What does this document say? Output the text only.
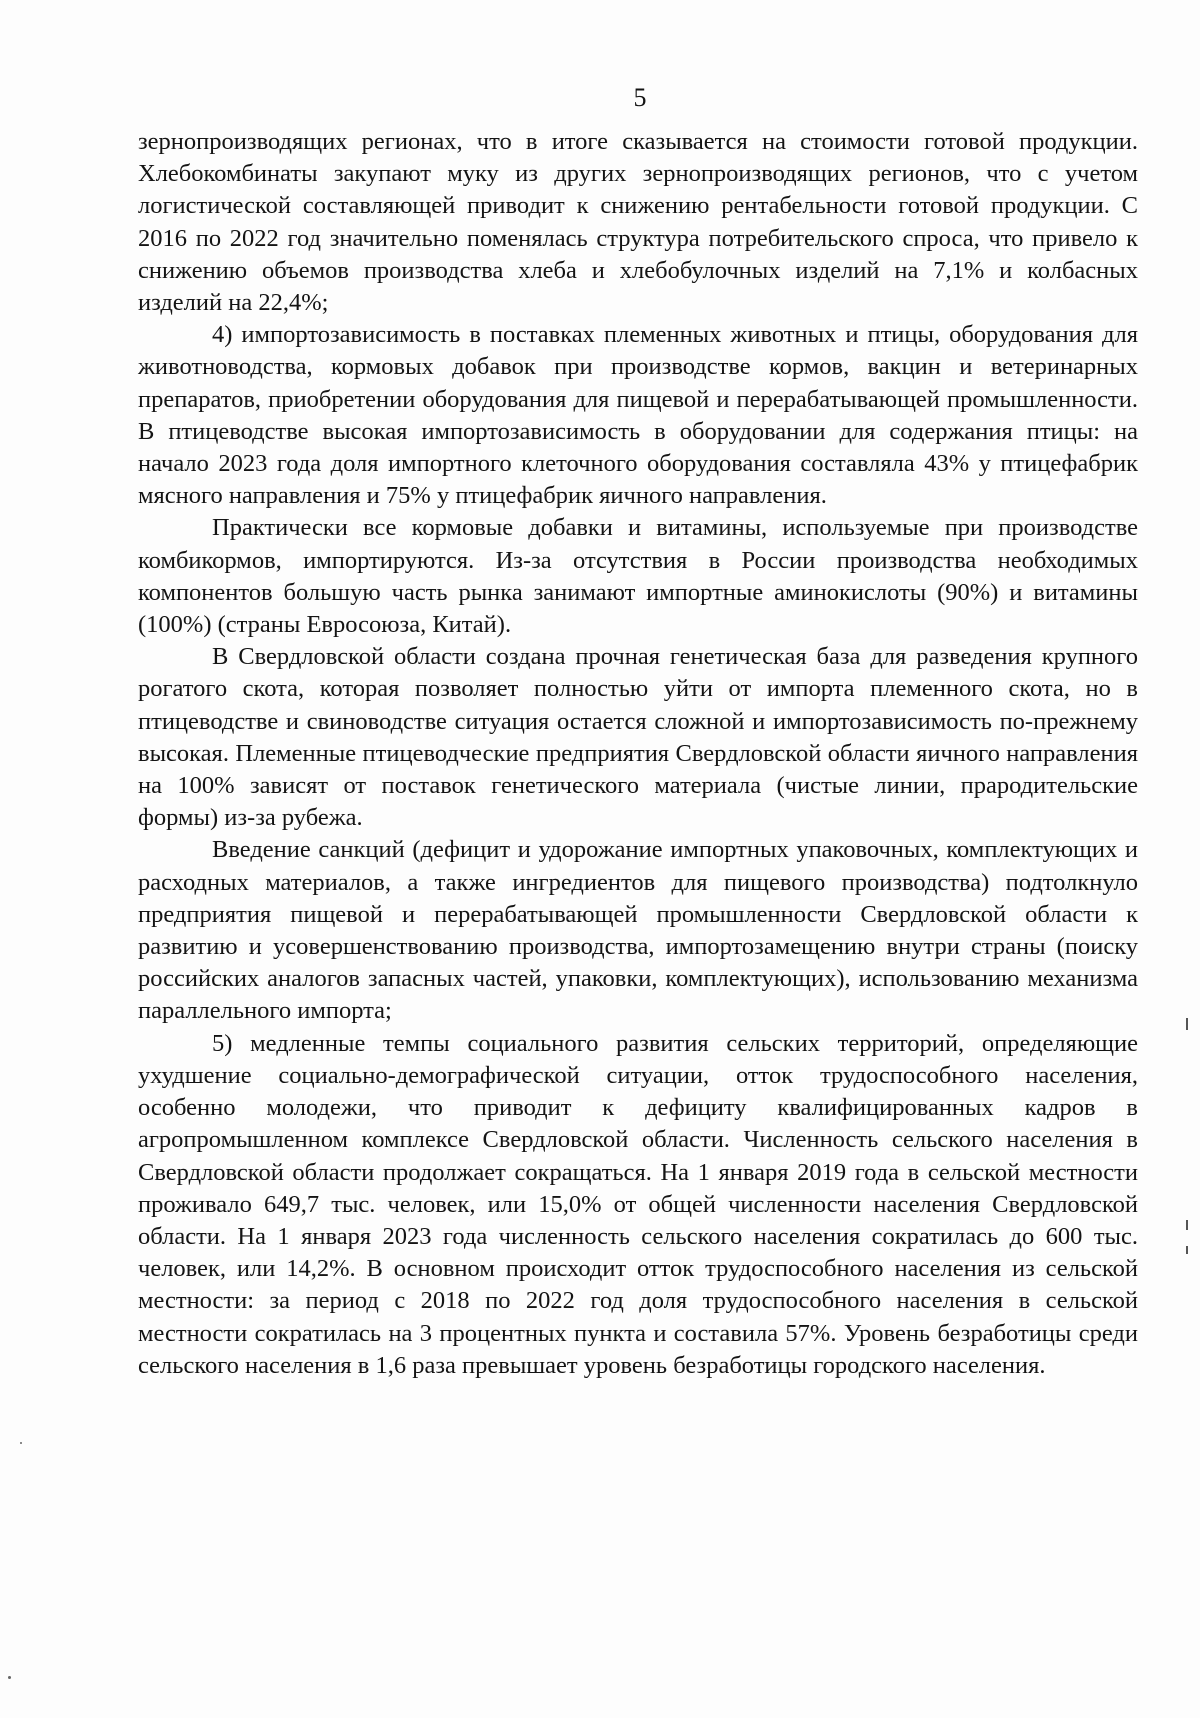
5

зернопроизводящих регионах, что в итоге сказывается на стоимости готовой продукции. Хлебокомбинаты закупают муку из других зернопроизводящих регионов, что с учетом логистической составляющей приводит к снижению рентабельности готовой продукции. С 2016 по 2022 год значительно поменялась структура потребительского спроса, что привело к снижению объемов производства хлеба и хлебобулочных изделий на 7,1% и колбасных изделий на 22,4%;

4) импортозависимость в поставках племенных животных и птицы, оборудования для животноводства, кормовых добавок при производстве кормов, вакцин и ветеринарных препаратов, приобретении оборудования для пищевой и перерабатывающей промышленности. В птицеводстве высокая импортозависимость в оборудовании для содержания птицы: на начало 2023 года доля импортного клеточного оборудования составляла 43% у птицефабрик мясного направления и 75% у птицефабрик яичного направления.

Практически все кормовые добавки и витамины, используемые при производстве комбикормов, импортируются. Из-за отсутствия в России производства необходимых компонентов большую часть рынка занимают импортные аминокислоты (90%) и витамины (100%) (страны Евросоюза, Китай).

В Свердловской области создана прочная генетическая база для разведения крупного рогатого скота, которая позволяет полностью уйти от импорта племенного скота, но в птицеводстве и свиноводстве ситуация остается сложной и импортозависимость по-прежнему высокая. Племенные птицеводческие предприятия Свердловской области яичного направления на 100% зависят от поставок генетического материала (чистые линии, прародительские формы) из-за рубежа.

Введение санкций (дефицит и удорожание импортных упаковочных, комплектующих и расходных материалов, а также ингредиентов для пищевого производства) подтолкнуло предприятия пищевой и перерабатывающей промышленности Свердловской области к развитию и усовершенствованию производства, импортозамещению внутри страны (поиску российских аналогов запасных частей, упаковки, комплектующих), использованию механизма параллельного импорта;

5) медленные темпы социального развития сельских территорий, определяющие ухудшение социально-демографической ситуации, отток трудоспособного населения, особенно молодежи, что приводит к дефициту квалифицированных кадров в агропромышленном комплексе Свердловской области. Численность сельского населения в Свердловской области продолжает сокращаться. На 1 января 2019 года в сельской местности проживало 649,7 тыс. человек, или 15,0% от общей численности населения Свердловской области. На 1 января 2023 года численность сельского населения сократилась до 600 тыс. человек, или 14,2%. В основном происходит отток трудоспособного населения из сельской местности: за период с 2018 по 2022 год доля трудоспособного населения в сельской местности сократилась на 3 процентных пункта и составила 57%. Уровень безработицы среди сельского населения в 1,6 раза превышает уровень безработицы городского населения.
